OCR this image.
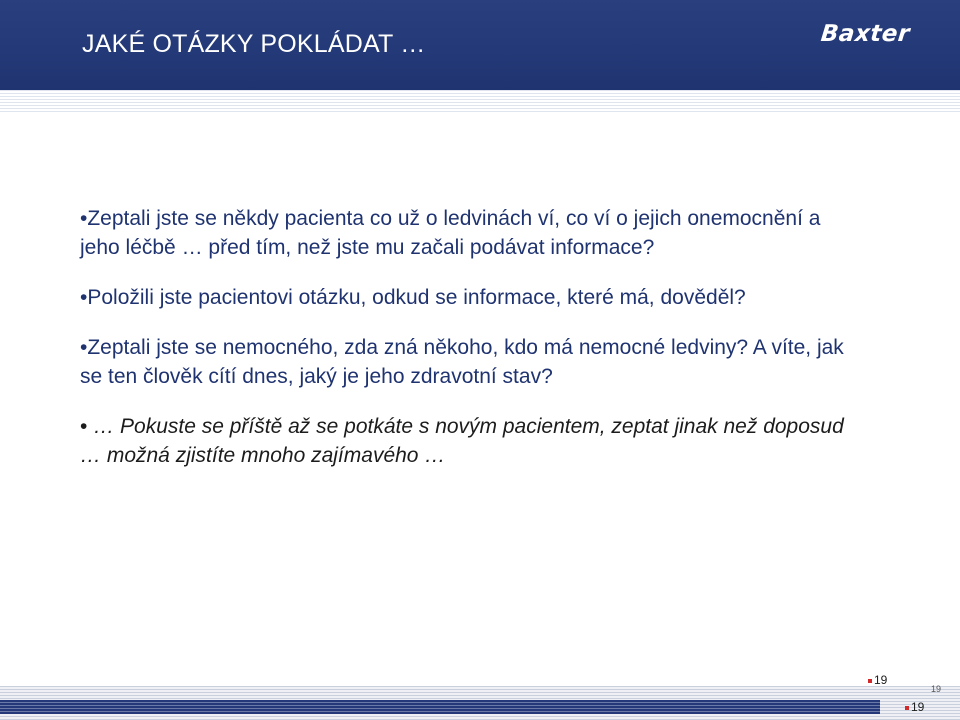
JAKÉ OTÁZKY POKLÁDAT …	Baxter
•Zeptali jste se někdy pacienta co už o ledvinách ví, co ví o jejich onemocnění a jeho léčbě … před tím, než jste mu začali podávat informace?
•Položili jste pacientovi otázku, odkud se informace, které má, dověděl?
•Zeptali jste se nemocného, zda zná někoho, kdo má nemocné ledviny? A víte, jak se ten člověk cítí dnes, jaký je jeho zdravotní stav?
• … Pokuste se příště až se potkáte s novým pacientem, zeptat jinak než doposud … možná zjistíte mnoho zajímavého …
19
19
19
